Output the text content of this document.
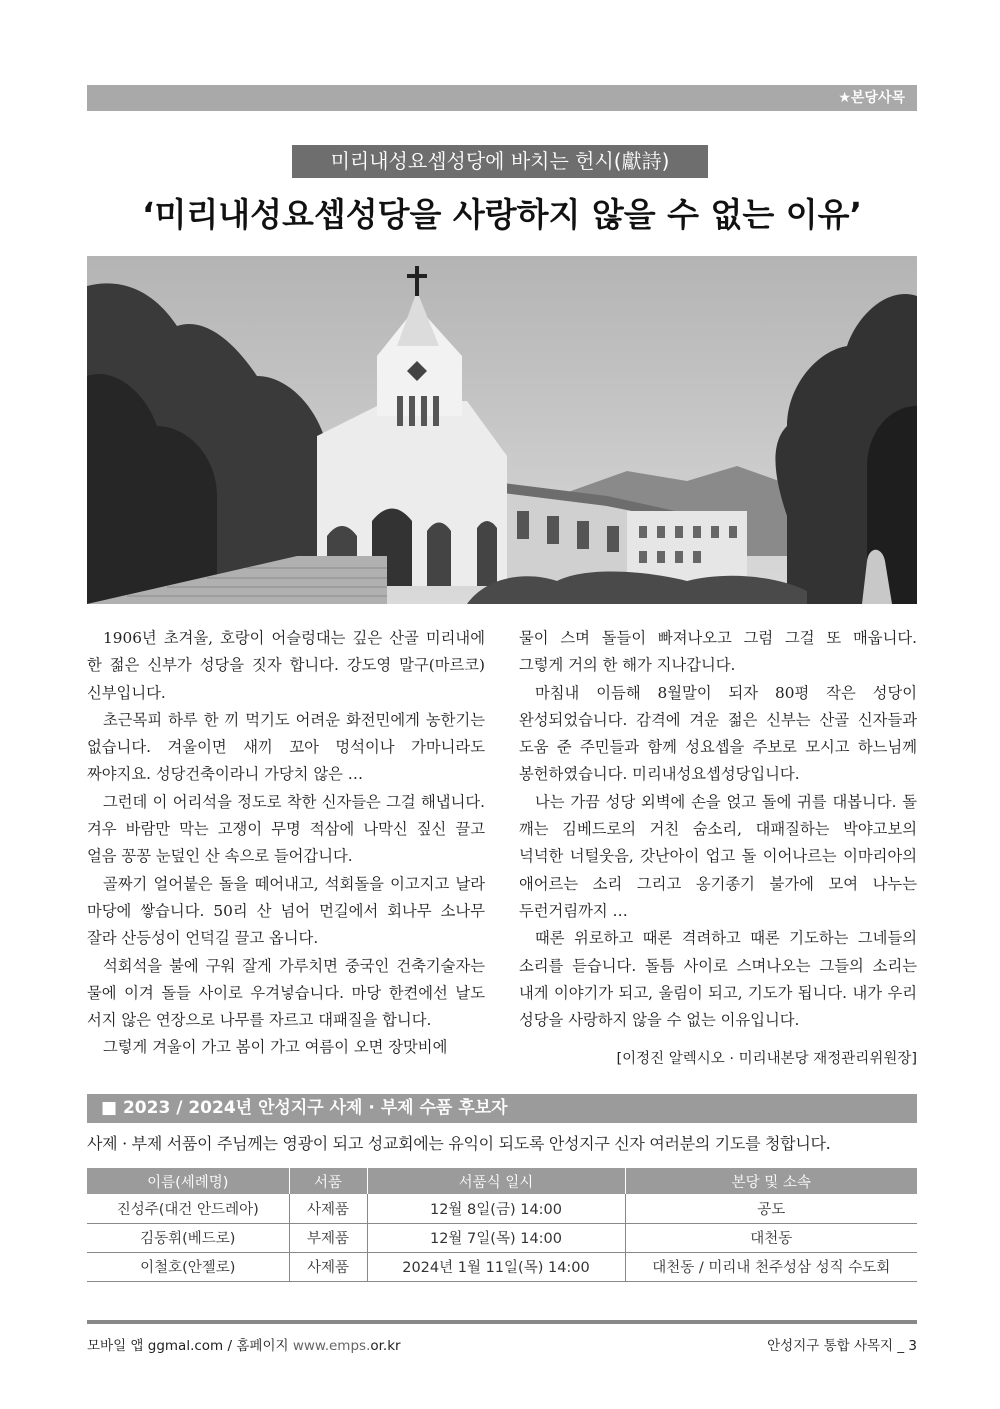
★본당사목
미리내성요셉성당에 바치는 헌시(獻詩)
‘미리내성요셉성당을 사랑하지 않을 수 없는 이유’

1906년 초겨울, 호랑이 어슬렁대는 깊은 산골 미리내에 한 젊은 신부가 성당을 짓자 합니다. 강도영 말구(마르코) 신부입니다.

초근목피 하루 한 끼 먹기도 어려운 화전민에게 농한기는 없습니다. 겨울이면 새끼 꼬아 멍석이나 가마니라도 짜야지요. 성당건축이라니 가당치 않은 …

그런데 이 어리석을 정도로 착한 신자들은 그걸 해냅니다. 겨우 바람만 막는 고쟁이 무명 적삼에 나막신 짚신 끌고 얼음 꽁꽁 눈덮인 산 속으로 들어갑니다.

골짜기 얼어붙은 돌을 떼어내고, 석회돌을 이고지고 날라 마당에 쌓습니다. 50리 산 넘어 먼길에서 회나무 소나무 잘라 산등성이 언덕길 끌고 옵니다.

석회석을 불에 구워 잘게 가루치면 중국인 건축기술자는 물에 이겨 돌들 사이로 우겨넣습니다. 마당 한켠에선 날도 서지 않은 연장으로 나무를 자르고 대패질을 합니다.

그렇게 겨울이 가고 봄이 가고 여름이 오면 장맛비에

물이 스며 돌들이 빠져나오고 그럼 그걸 또 매웁니다. 그렇게 거의 한 해가 지나갑니다.

마침내 이듬해 8월말이 되자 80평 작은 성당이 완성되었습니다. 감격에 겨운 젊은 신부는 산골 신자들과 도움 준 주민들과 함께 성요셉을 주보로 모시고 하느님께 봉헌하였습니다. 미리내성요셉성당입니다.

나는 가끔 성당 외벽에 손을 얹고 돌에 귀를 대봅니다. 돌 깨는 김베드로의 거친 숨소리, 대패질하는 박야고보의 넉넉한 너털웃음, 갓난아이 업고 돌 이어나르는 이마리아의 애어르는 소리 그리고 옹기종기 불가에 모여 나누는 두런거림까지 …

때론 위로하고 때론 격려하고 때론 기도하는 그네들의 소리를 듣습니다. 돌틈 사이로 스며나오는 그들의 소리는 내게 이야기가 되고, 울림이 되고, 기도가 됩니다. 내가 우리 성당을 사랑하지 않을 수 없는 이유입니다.

[이정진 알렉시오 · 미리내본당 재정관리위원장]
■ 2023 / 2024년 안성지구 사제 · 부제 수품 후보자
사제 · 부제 서품이 주님께는 영광이 되고 성교회에는 유익이 되도록 안성지구 신자 여러분의 기도를 청합니다.
이름(세례명)	서품	서품식 일시	본당 및 소속
진성주(대건 안드레아)	사제품	12월 8일(금) 14:00	공도
김동휘(베드로)	부제품	12월 7일(목) 14:00	대천동
이철호(안젤로)	사제품	2024년 1월 11일(목) 14:00	대천동 / 미리내 천주성삼 성직 수도회
모바일 앱 ggmal.com / 홈페이지 www.emps.or.kr	안성지구 통합 사목지 _ 3
